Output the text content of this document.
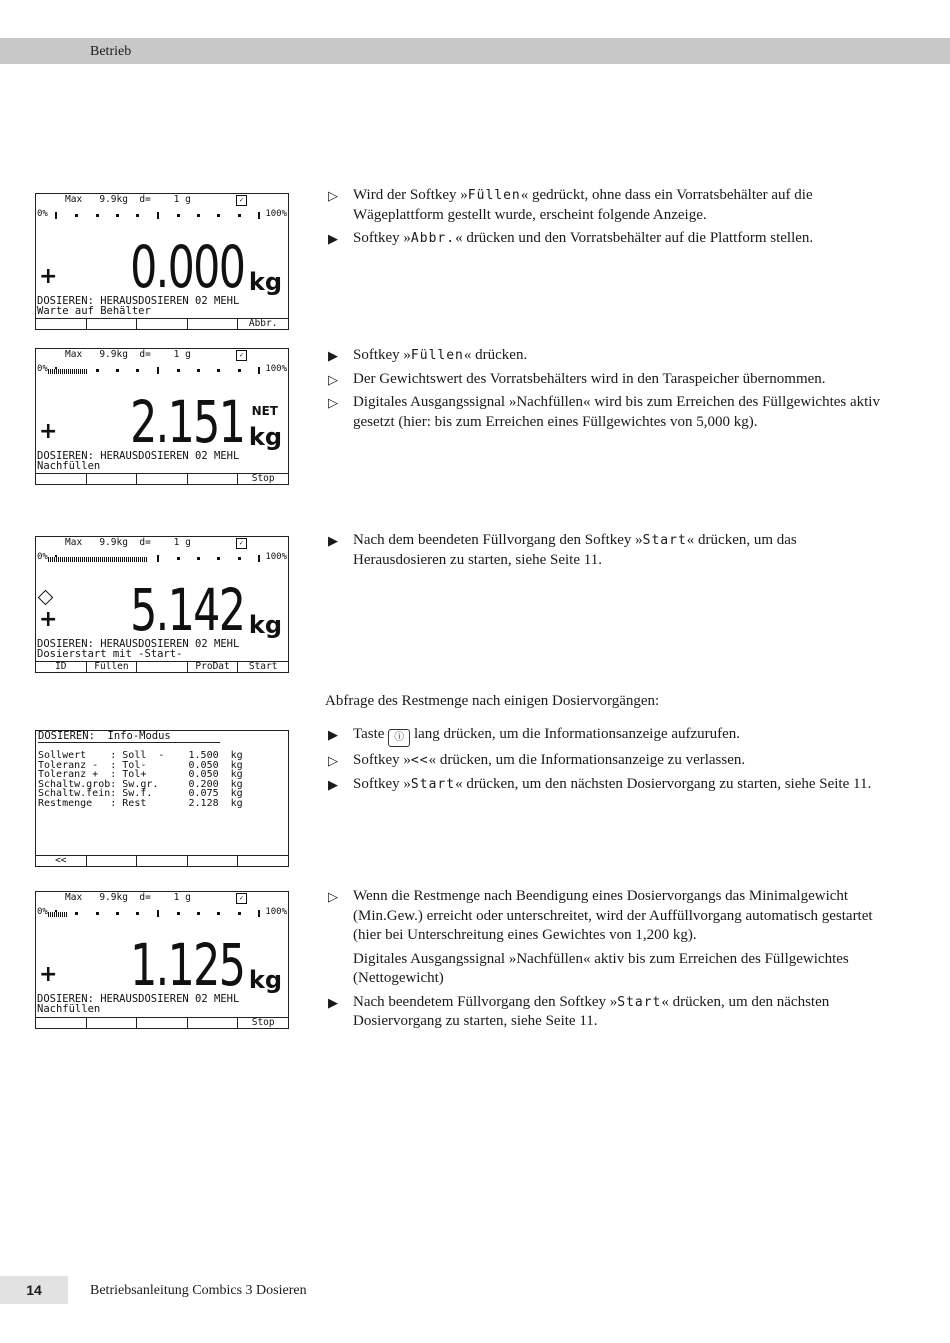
Betrieb
Max   9.9kg  d=    1 g	✓
0%	100%
+ 0.000 kg
DOSIEREN: HERAUSDOSIEREN 02 MEHL
Warte auf Behälter
Abbr.
Max   9.9kg  d=    1 g	✓
0%	100%
+ 2.151 kg
NET
DOSIEREN: HERAUSDOSIEREN 02 MEHL
Nachfüllen
Stop
Max   9.9kg  d=    1 g	✓
0%	100%
+ 5.142 kg
DOSIEREN: HERAUSDOSIEREN 02 MEHL
Dosierstart mit -Start-
ID	Füllen	ProDat	Start
DOSIEREN:  Info-Modus
Sollwert    : Soll  -    1.500  kg
Toleranz -  : Tol-       0.050  kg
Toleranz +  : Tol+       0.050  kg
Schaltw.grob: Sw.gr.     0.200  kg
Schaltw.fein: Sw.f.      0.075  kg
Restmenge   : Rest       2.128  kg
<<
Max   9.9kg  d=    1 g	✓
0%	100%
+ 1.125 kg
DOSIEREN: HERAUSDOSIEREN 02 MEHL
Nachfüllen
Stop
▷ Wird der Softkey »Füllen« gedrückt, ohne dass ein Vorratsbehälter auf die Wägeplattform gestellt wurde, erscheint folgende Anzeige.
▶ Softkey »Abbr.« drücken und den Vorratsbehälter auf die Plattform stellen.
▶ Softkey »Füllen« drücken.
▷ Der Gewichtswert des Vorratsbehälters wird in den Taraspeicher übernommen.
▷ Digitales Ausgangssignal »Nachfüllen« wird bis zum Erreichen des Füllgewichtes aktiv gesetzt (hier: bis zum Erreichen eines Füllgewichtes von 5,000 kg).
▶ Nach dem beendeten Füllvorgang den Softkey »Start« drücken, um das Herausdosieren zu starten, siehe Seite 11.
Abfrage des Restmenge nach einigen Dosiervorgängen:
▶ Taste ⓘ lang drücken, um die Informationsanzeige aufzurufen.
▷ Softkey »<<« drücken, um die Informationsanzeige zu verlassen.
▶ Softkey »Start« drücken, um den nächsten Dosiervorgang zu starten, siehe Seite 11.
▷ Wenn die Restmenge nach Beendigung eines Dosiervorgangs das Minimalgewicht (Min.Gew.) erreicht oder unterschreitet, wird der Auffüllvorgang automatisch gestartet (hier bei Unterschreitung eines Gewichtes von 1,200 kg).
Digitales Ausgangssignal »Nachfüllen« aktiv bis zum Erreichen des Füllgewichtes (Nettogewicht)
▶ Nach beendetem Füllvorgang den Softkey »Start« drücken, um den nächsten Dosiervorgang zu starten, siehe Seite 11.
14	Betriebsanleitung Combics 3 Dosieren
